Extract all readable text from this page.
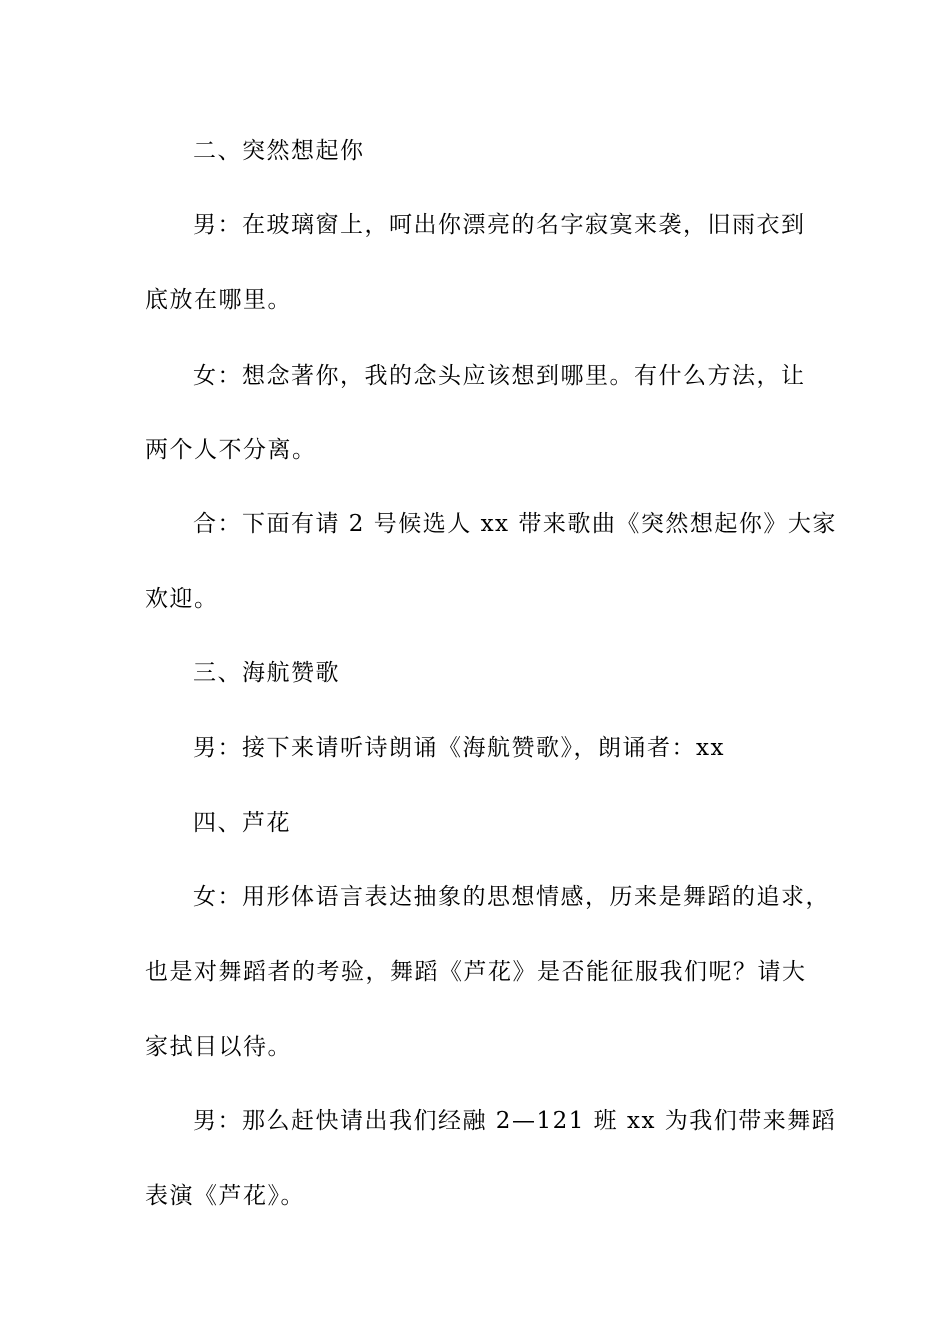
二、突然想起你
男：在玻璃窗上，呵出你漂亮的名字寂寞来袭，旧雨衣到
底放在哪里。
女：想念著你，我的念头应该想到哪里。有什么方法，让
两个人不分离。
合：下面有请 2 号候选人 xx 带来歌曲《突然想起你》大家
欢迎。
三、海航赞歌
男：接下来请听诗朗诵《海航赞歌》，朗诵者：xx
四、芦花
女：用形体语言表达抽象的思想情感，历来是舞蹈的追求，
也是对舞蹈者的考验，舞蹈《芦花》是否能征服我们呢？请大
家拭目以待。
男：那么赶快请出我们经融 2—121 班 xx 为我们带来舞蹈
表演《芦花》。
